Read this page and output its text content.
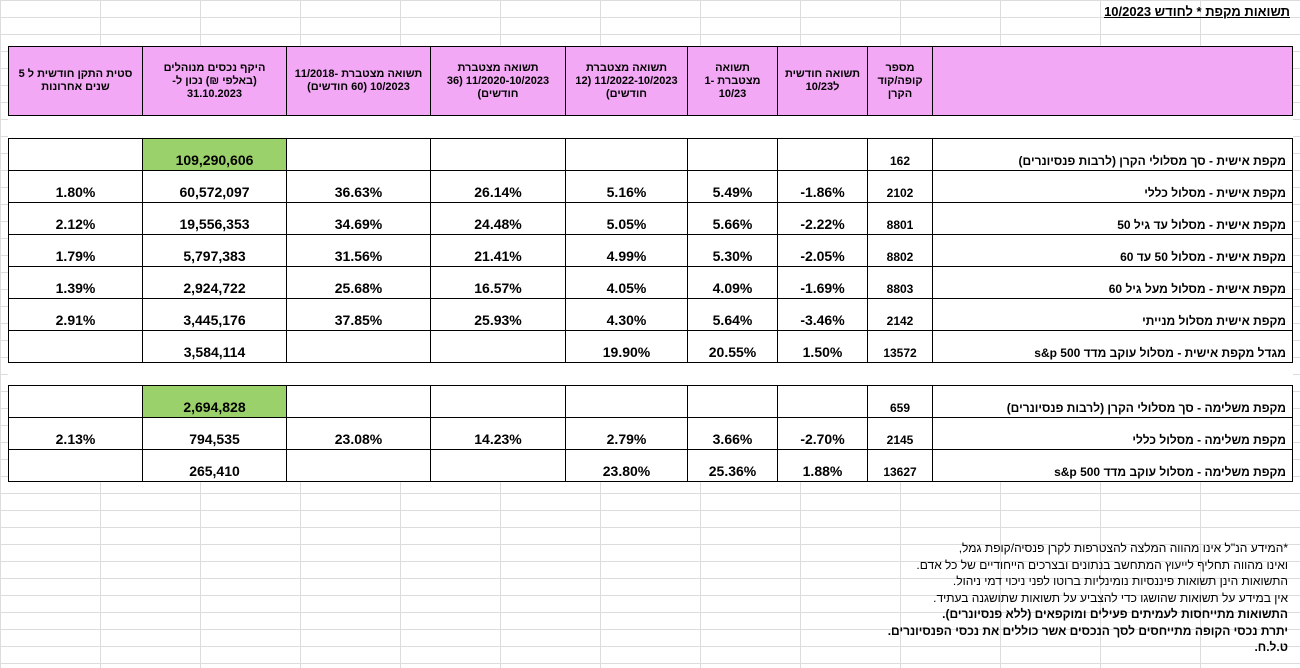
תשואות מקפת * לחודש 10/2023
	מספר קופה/קוד הקרן	תשואה חודשית ל10/23	תשואה מצטברת 1-10/23	תשואה מצטברת 11/2022-10/2023 (12 חודשים)	תשואה מצטברת 11/2020-10/2023 (36 חודשים)	תשואה מצטברת 11/2018-10/2023 (60 חודשים)	היקף נכסים מנוהלים (באלפי ₪) נכון ל- 31.10.2023	סטית התקן חודשית ל 5 שנים אחרונות

מקפת אישית - סך מסלולי הקרן (לרבות פנסיונרים)	162						109,290,606	
מקפת אישית - מסלול כללי	2102	-1.86%	5.49%	5.16%	26.14%	36.63%	60,572,097	1.80%
מקפת אישית - מסלול עד גיל 50	8801	-2.22%	5.66%	5.05%	24.48%	34.69%	19,556,353	2.12%
מקפת אישית - מסלול 50 עד 60	8802	-2.05%	5.30%	4.99%	21.41%	31.56%	5,797,383	1.79%
מקפת אישית - מסלול מעל גיל 60	8803	-1.69%	4.09%	4.05%	16.57%	25.68%	2,924,722	1.39%
מקפת אישית מסלול מנייתי	2142	-3.46%	5.64%	4.30%	25.93%	37.85%	3,445,176	2.91%
מגדל מקפת אישית - מסלול עוקב מדד s&p 500	13572	1.50%	20.55%	19.90%			3,584,114	

מקפת משלימה - סך מסלולי הקרן (לרבות פנסיונרים)	659						2,694,828	
מקפת משלימה - מסלול כללי	2145	-2.70%	3.66%	2.79%	14.23%	23.08%	794,535	2.13%
מקפת משלימה - מסלול עוקב מדד s&p 500	13627	1.88%	25.36%	23.80%			265,410	
*המידע הנ"ל אינו מהווה המלצה להצטרפות לקרן פנסיה/קופת גמל,
ואינו מהווה תחליף לייעוץ המתחשב בנתונים ובצרכים הייחודיים של כל אדם.
התשואות הינן תשואות פיננסיות נומינליות ברוטו לפני ניכוי דמי ניהול.
אין במידע על תשואות שהושגו כדי להצביע על תשואות שתושגנה בעתיד.
התשואות מתייחסות לעמיתים פעילים ומוקפאים (ללא פנסיונרים).
יתרת נכסי הקופה מתייחסים לסך הנכסים אשר כוללים את נכסי הפנסיונרים.
ט.ל.ח.
